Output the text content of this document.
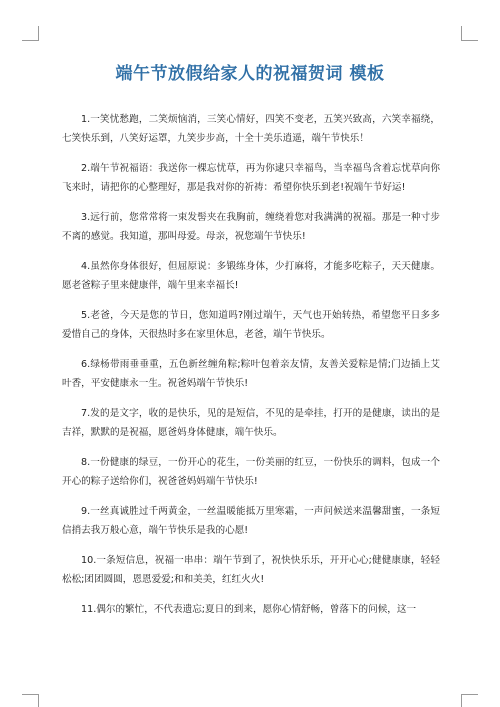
端午节放假给家人的祝福贺词 模板

1.一笑忧愁跑，二笑烦恼消，三笑心情好，四笑不变老，五笑兴致高，六笑幸福绕，七笑快乐到，八笑好运罩，九笑步步高，十全十美乐逍遥，端午节快乐！

2.端午节祝福语：我送你一棵忘忧草，再为你逮只幸福鸟，当幸福鸟含着忘忧草向你飞来时，请把你的心整理好，那是我对你的祈祷：希望你快乐到老!祝端午节好运!

3.远行前，您常常将一束发髻夹在我胸前，缠绕着您对我满满的祝福。那是一种寸步不离的感觉。我知道，那叫母爱。母亲，祝您端午节快乐!

4.虽然你身体很好，但屈原说：多锻练身体，少打麻将，才能多吃粽子，天天健康。愿老爸粽子里来健康伴，端午里来幸福长!

5.老爸，今天是您的节日，您知道吗?刚过端午，天气也开始转热，希望您平日多多爱惜自己的身体，天很热时多在家里休息，老爸，端午节快乐。

6.绿杨带雨垂垂重，五色新丝缠角粽;粽叶包着亲友情，友善关爱粽是情;门边插上艾叶香，平安健康永一生。祝爸妈端午节快乐!

7.发的是文字，收的是快乐，见的是短信，不见的是牵挂，打开的是健康，读出的是吉祥，默默的是祝福，愿爸妈身体健康，端午快乐。

8.一份健康的绿豆，一份开心的花生，一份美丽的红豆，一份快乐的调料，包成一个开心的粽子送给你们，祝爸爸妈妈端午节快乐!

9.一丝真诚胜过千两黄金，一丝温暖能抵万里寒霜，一声问候送来温馨甜蜜，一条短信捎去我万般心意，端午节快乐是我的心愿!

10.一条短信息，祝福一串串：端午节到了，祝快快乐乐，开开心心;健健康康，轻轻松松;团团圆圆，恩恩爱爱;和和美美，红红火火!

11.偶尔的繁忙，不代表遗忘;夏日的到来，愿你心情舒畅，曾落下的问候，这一
